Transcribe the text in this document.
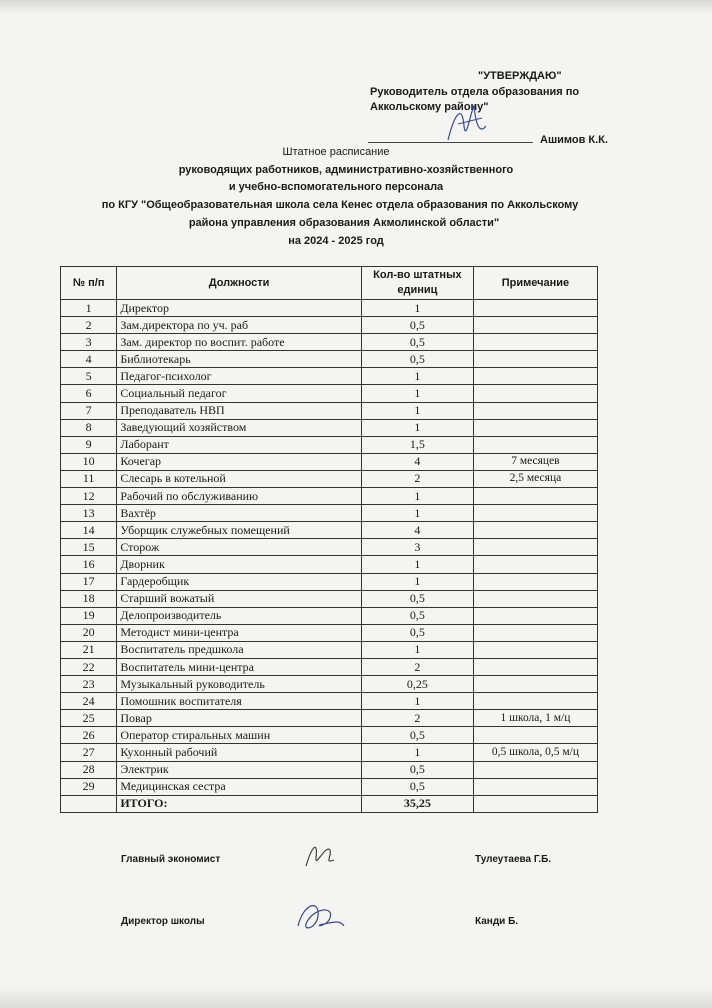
"УТВЕРЖДАЮ"
Руководитель отдела образования по
Аккольскому району"
Ашимов К.К.
Штатное расписание
руководящих работников, административно-хозяйственного
и учебно-вспомогательного персонала
по КГУ "Общеобразовательная школа села Кенес отдела образования по Аккольскому
района управления образования Акмолинской области"
на 2024 - 2025 год
№ п/п	Должности	Кол-во штатных единиц	Примечание
1	Директор	1	
2	Зам.директора по уч. раб	0,5	
3	Зам. директор по воспит. работе	0,5	
4	Библиотекарь	0,5	
5	Педагог-психолог	1	
6	Социальный педагог	1	
7	Преподаватель НВП	1	
8	Заведующий хозяйством	1	
9	Лаборант	1,5	
10	Кочегар	4	7 месяцев
11	Слесарь в котельной	2	2,5 месяца
12	Рабочий по обслуживанию	1	
13	Вахтёр	1	
14	Уборщик служебных помещений	4	
15	Сторож	3	
16	Дворник	1	
17	Гардеробщик	1	
18	Старший вожатый	0,5	
19	Делопроизводитель	0,5	
20	Методист мини-центра	0,5	
21	Воспитатель предшкола	1	
22	Воспитатель мини-центра	2	
23	Музыкальный руководитель	0,25	
24	Помошник воспитателя	1	
25	Повар	2	1 школа, 1 м/ц
26	Оператор стиральных машин	0,5	
27	Кухонный рабочий	1	0,5 школа, 0,5 м/ц
28	Электрик	0,5	
29	Медицинская сестра	0,5	
	ИТОГО:	35,25	
Главный экономист	Тулеутаева Г.Б.
Директор школы	Канди Б.
